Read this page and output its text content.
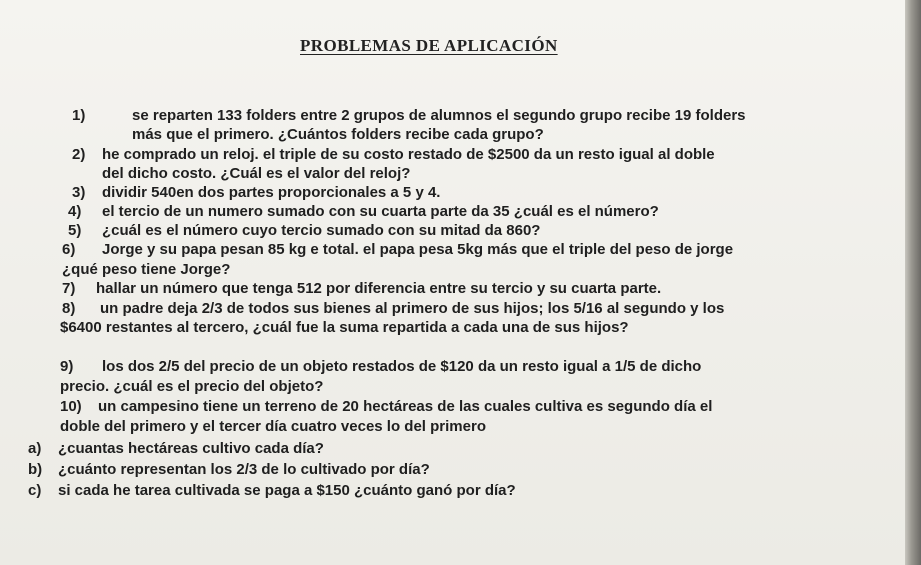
PROBLEMAS DE APLICACIÓN
1)	se reparten 133 folders entre 2 grupos de alumnos el segundo grupo recibe 19 folders
más que el primero. ¿Cuántos folders recibe cada grupo?
2) he comprado un reloj. el triple de su costo restado de $2500 da un resto igual al doble
del dicho costo. ¿Cuál es el valor del reloj?
3) dividir 540en dos partes proporcionales a 5 y 4.
4) el tercio de un numero sumado con su cuarta parte da 35 ¿cuál es el número?
5) ¿cuál es el número cuyo tercio sumado con su mitad da 860?
6) Jorge y su papa pesan 85 kg e total. el papa pesa 5kg más que el triple del peso de jorge
¿qué peso tiene Jorge?
7) hallar un número que tenga 512 por diferencia entre su tercio y su cuarta parte.
8) un padre deja 2/3 de todos sus bienes al primero de sus hijos; los 5/16 al segundo y los
$6400 restantes al tercero, ¿cuál fue la suma repartida a cada una de sus hijos?
9) los dos 2/5 del precio de un objeto restados de $120 da un resto igual a 1/5 de dicho
precio. ¿cuál es el precio del objeto?
10) un campesino tiene un terreno de 20 hectáreas de las cuales cultiva es segundo día el
doble del primero y el tercer día cuatro veces lo del primero
a) ¿cuantas hectáreas cultivo cada día?
b) ¿cuánto representan los 2/3 de lo cultivado por día?
c) si cada he tarea cultivada se paga a $150 ¿cuánto ganó por día?
